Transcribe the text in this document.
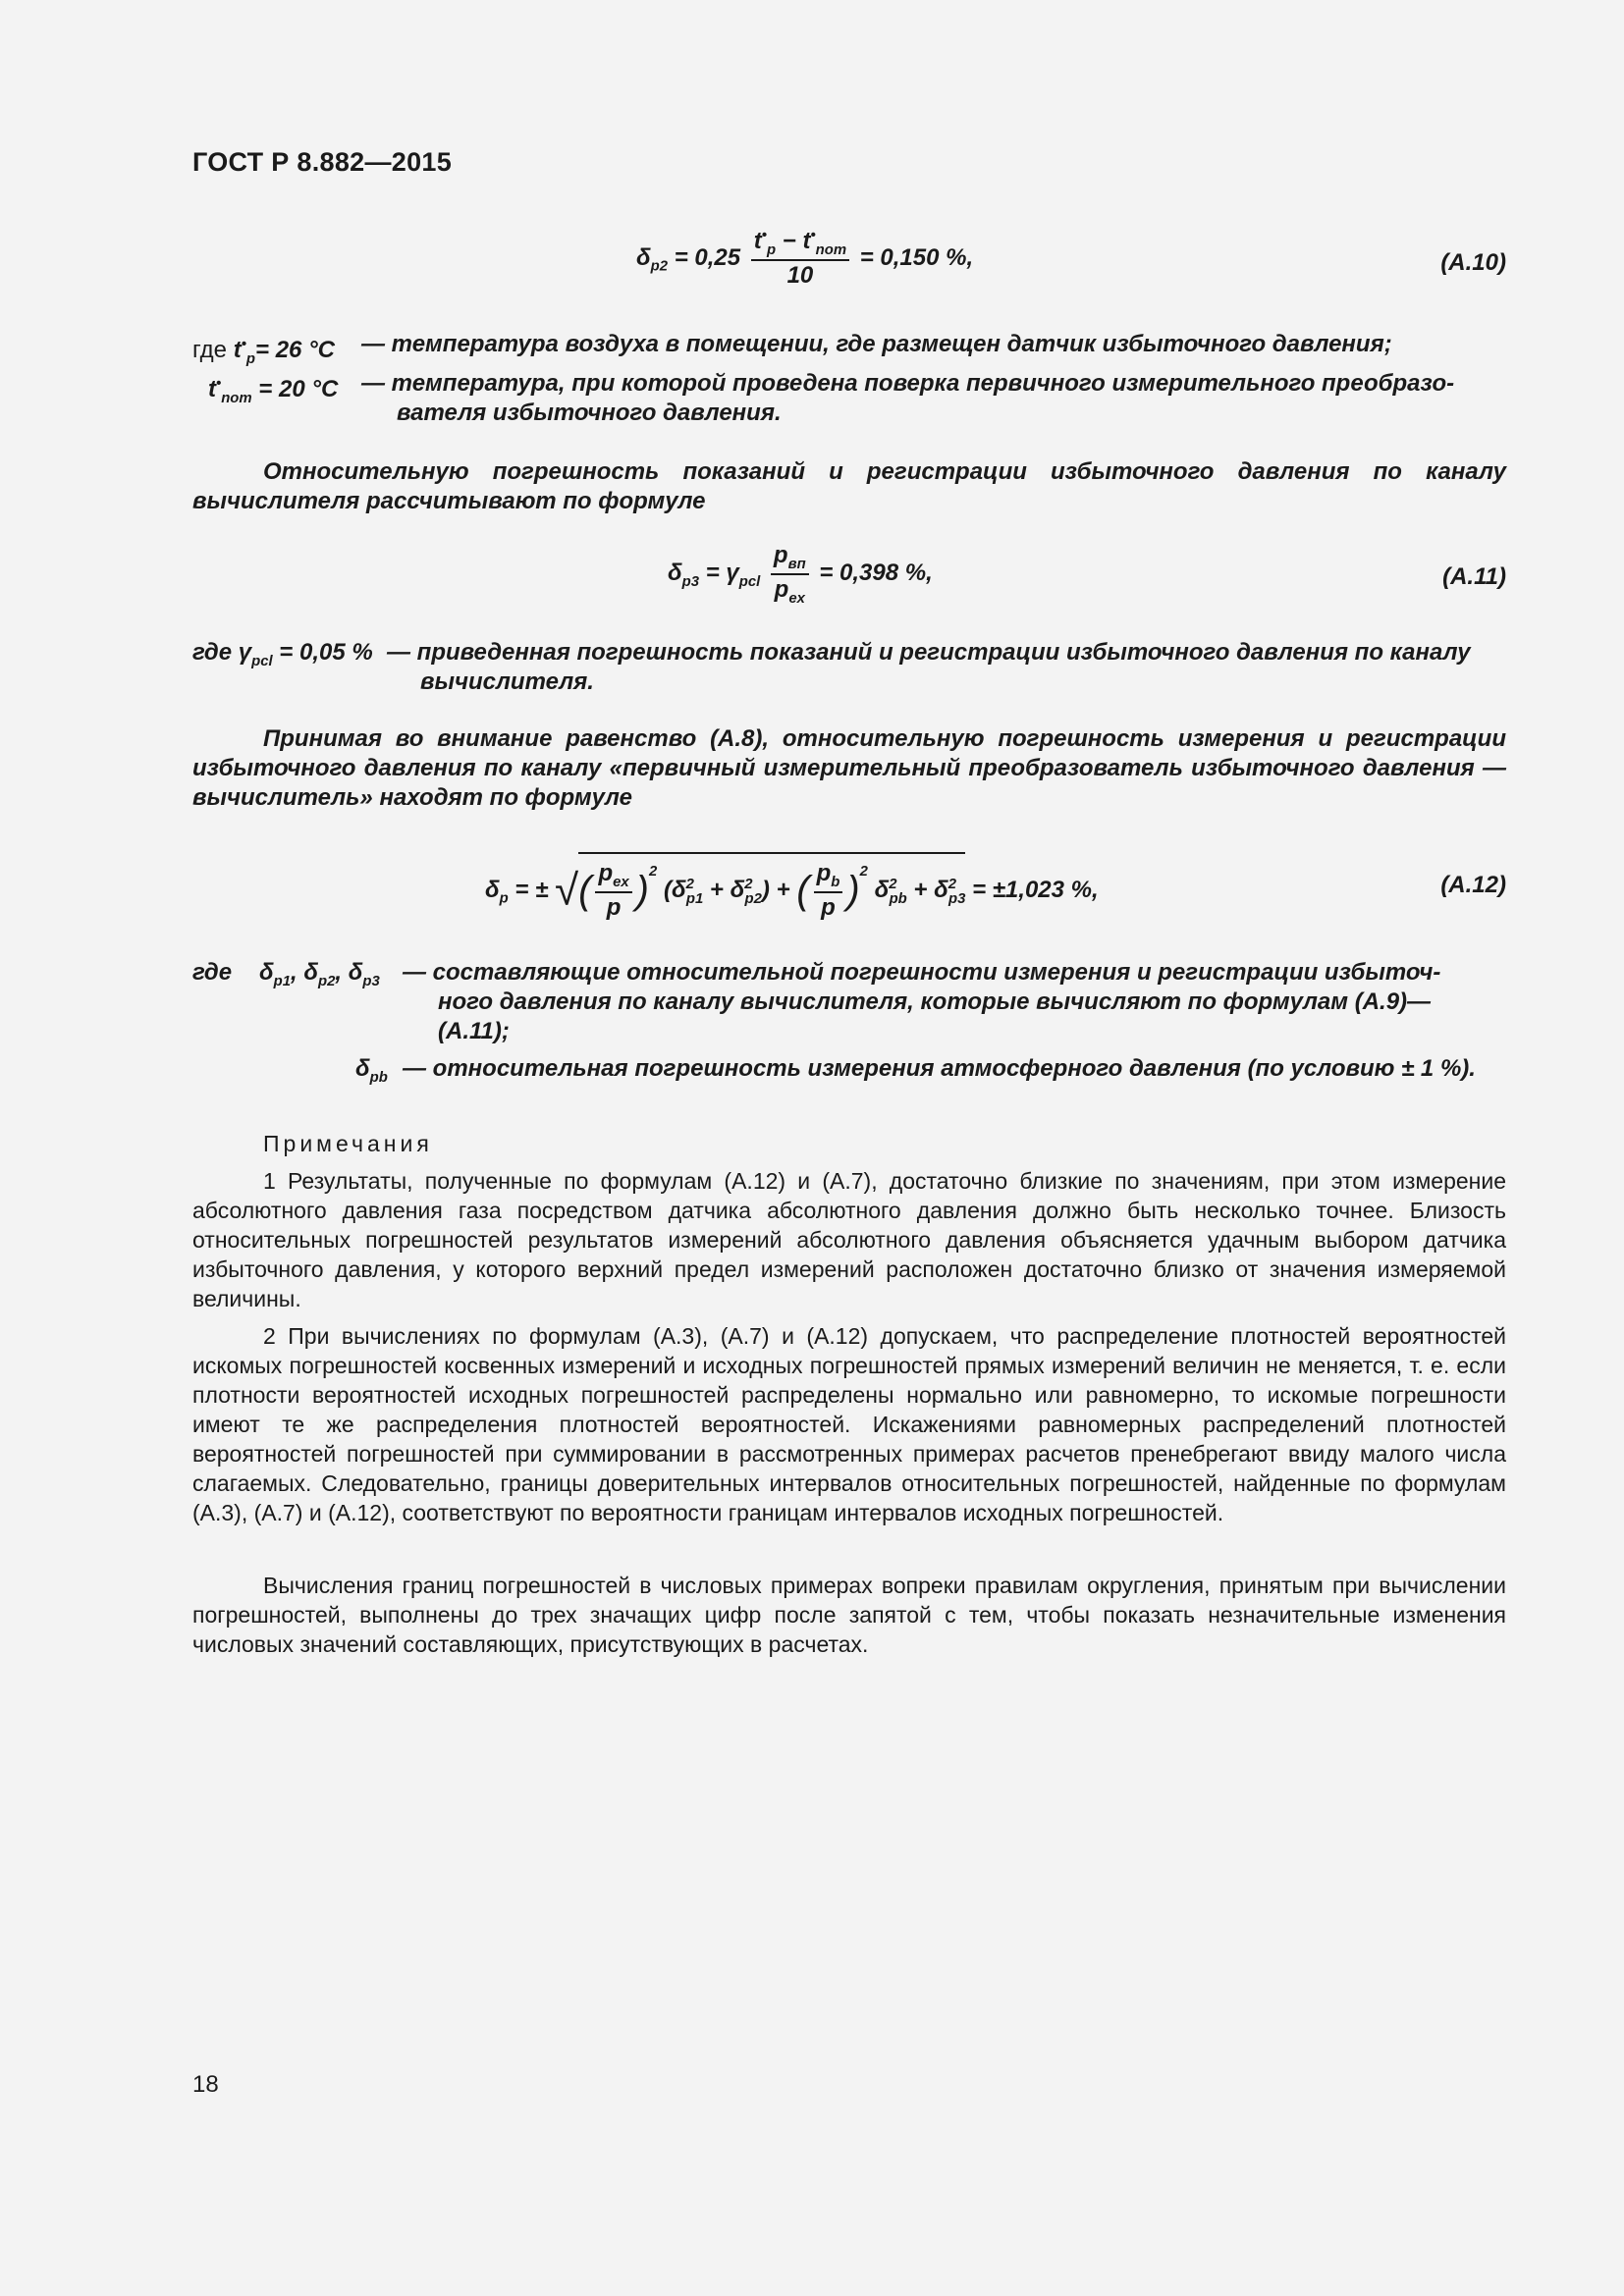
ГОСТ Р 8.882—2015
$\delta_{p2} = 0,25 \frac{t^•_p - t^•_{nom}}{10} = 0,150$ %,	(A.10)
где $t^•_p= 26$ °C — температура воздуха в помещении, где размещен датчик избыточного давления;
$t^•_{nom} = 20$ °C — температура, при которой проведена поверка первичного измерительного преобразо-
вателя избыточного давления.
Относительную погрешность показаний и регистрации избыточного давления по каналу вычислителя рассчитывают по формуле
$\delta_{p3} = \gamma_{pcl} \frac{p_{вп}}{p_{ex}} = 0,398$ %,	(A.11)
где $\gamma_{pcl} = 0,05$ % — приведенная погрешность показаний и регистрации избыточного давления по каналу
вычислителя.
Принимая во внимание равенство (A.8), относительную погрешность измерения и регистрации избыточного давления по каналу «первичный измерительный преобразователь избыточного давления — вычислитель» находят по формуле
$\delta_p$ = ± √( $\frac{p_{ex}}{p} )^2$ $(\delta^2_{p1} + \delta^2_{p2})$ + ( $\frac{p_b}{p} )^2$ $\delta^2_{pb} + \delta^2_{p3} = \pm 1,023$ %,	(A.12)
где $\delta_{p1}$, $\delta_{p2}$, $\delta_{p3}$ — составляющие относительной погрешности измерения и регистрации избыточ-
ного давления по каналу вычислителя, которые вычисляют по формулам (A.9)—
(A.11);
$\delta_{pb}$ — относительная погрешность измерения атмосферного давления (по условию ± 1 %).
Примечания
1 Результаты, полученные по формулам (A.12) и (A.7), достаточно близкие по значениям, при этом измерение абсолютного давления газа посредством датчика абсолютного давления должно быть несколько точнее. Близость относительных погрешностей результатов измерений абсолютного давления объясняется удачным выбором датчика избыточного давления, у которого верхний предел измерений расположен достаточно близко от значения измеряемой величины.
2 При вычислениях по формулам (A.3), (A.7) и (A.12) допускаем, что распределение плотностей вероятностей искомых погрешностей косвенных измерений и исходных погрешностей прямых измерений величин не меняется, т. е. если плотности вероятностей исходных погрешностей распределены нормально или равномерно, то искомые погрешности имеют те же распределения плотностей вероятностей. Искажениями равномерных распределений плотностей вероятностей погрешностей при суммировании в рассмотренных примерах расчетов пренебрегают ввиду малого числа слагаемых. Следовательно, границы доверительных интервалов относительных погрешностей, найденные по формулам (A.3), (A.7) и (A.12), соответствуют по вероятности границам интервалов исходных погрешностей.
Вычисления границ погрешностей в числовых примерах вопреки правилам округления, принятым при вычислении погрешностей, выполнены до трех значащих цифр после запятой с тем, чтобы показать незначительные изменения числовых значений составляющих, присутствующих в расчетах.
18
